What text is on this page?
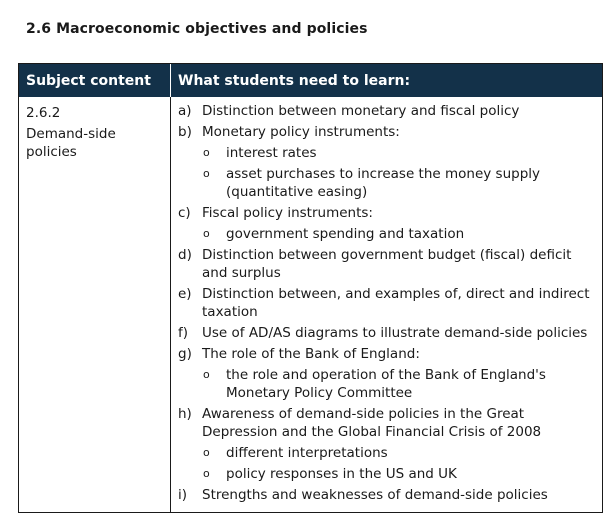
2.6 Macroeconomic objectives and policies
Subject content What students need to learn:
2.6.2
Demand-side policies
a) Distinction between monetary and fiscal policy
b) Monetary policy instruments:
o interest rates
o asset purchases to increase the money supply (quantitative easing)
c) Fiscal policy instruments:
o government spending and taxation
d) Distinction between government budget (fiscal) deficit and surplus
e) Distinction between, and examples of, direct and indirect taxation
f) Use of AD/AS diagrams to illustrate demand-side policies
g) The role of the Bank of England:
o the role and operation of the Bank of England's Monetary Policy Committee
h) Awareness of demand-side policies in the Great Depression and the Global Financial Crisis of 2008
o different interpretations
o policy responses in the US and UK
i) Strengths and weaknesses of demand-side policies
